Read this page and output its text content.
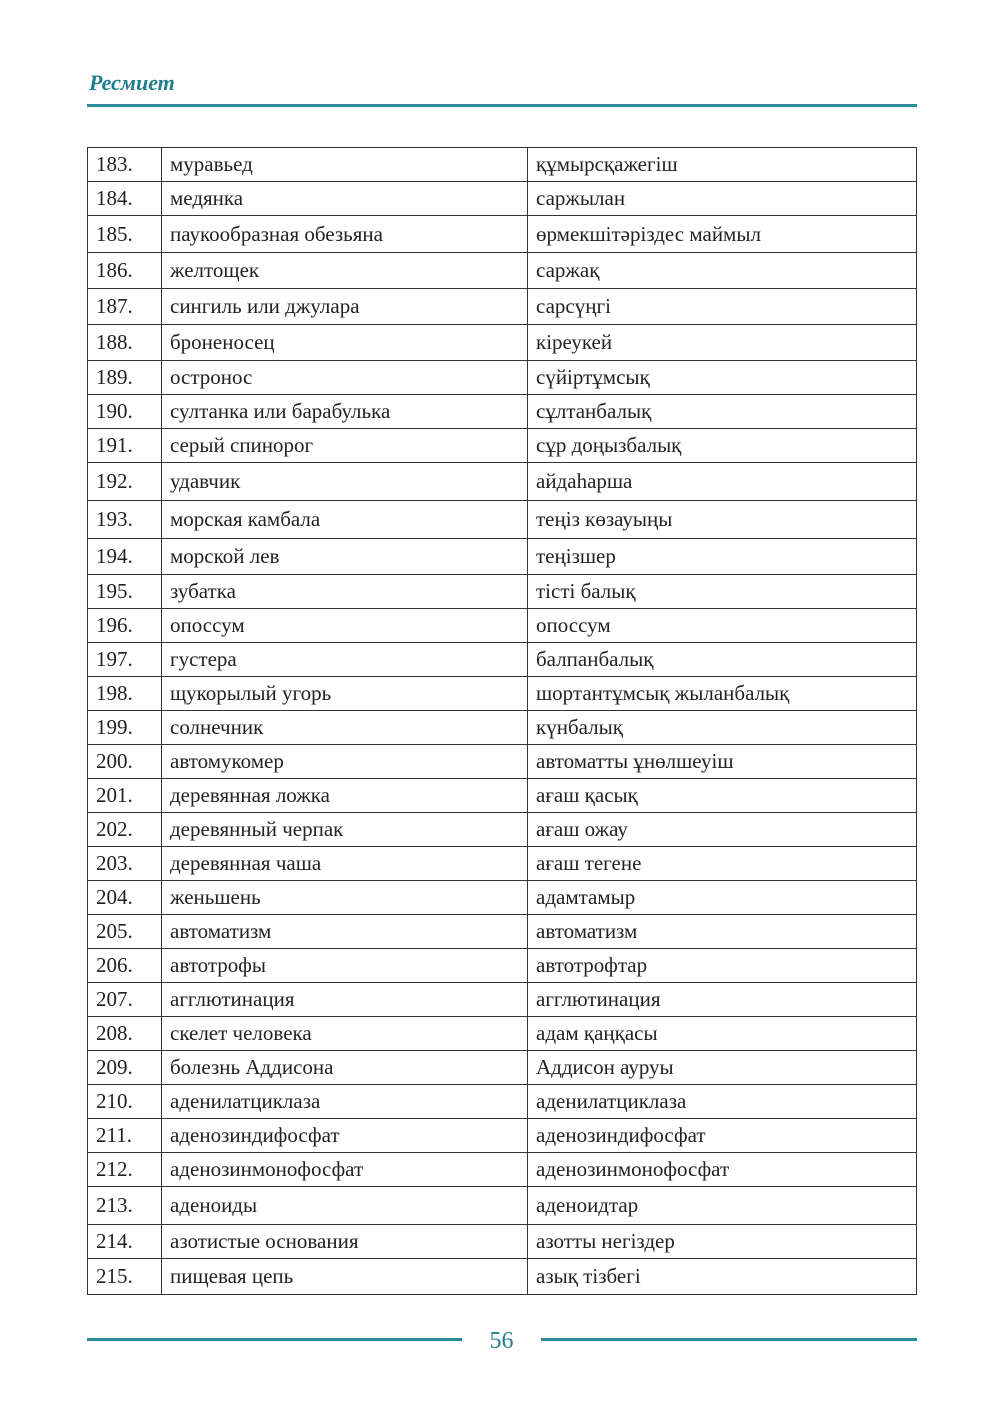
Ресмиет
183.	муравьед	құмырсқажегіш
184.	медянка	саржылан
185.	паукообразная обезьяна	өрмекшітәріздес маймыл
186.	желтощек	саржақ
187.	сингиль или джулара	сарсүңгі
188.	броненосец	кіреукей
189.	остронос	сүйіртұмсық
190.	султанка или барабулька	сұлтанбалық
191.	серый спинорог	сұр доңызбалық
192.	удавчик	айдаһарша
193.	морская камбала	теңіз көзауыңы
194.	морской лев	теңізшер
195.	зубатка	тісті балық
196.	опоссум	опоссум
197.	густера	балпанбалық
198.	щукорылый угорь	шортантұмсық жыланбалық
199.	солнечник	күнбалық
200.	автомукомер	автоматты ұнөлшеуіш
201.	деревянная ложка	ағаш қасық
202.	деревянный черпак	ағаш ожау
203.	деревянная чаша	ағаш тегене
204.	женьшень	адамтамыр
205.	автоматизм	автоматизм
206.	автотрофы	автотрофтар
207.	агглютинация	агглютинация
208.	скелет человека	адам қаңқасы
209.	болезнь Аддисона	Аддисон ауруы
210.	аденилатциклаза	аденилатциклаза
211.	аденозиндифосфат	аденозиндифосфат
212.	аденозинмонофосфат	аденозинмонофосфат
213.	аденоиды	аденоидтар
214.	азотистые основания	азотты негіздер
215.	пищевая цепь	азық тізбегі
56
